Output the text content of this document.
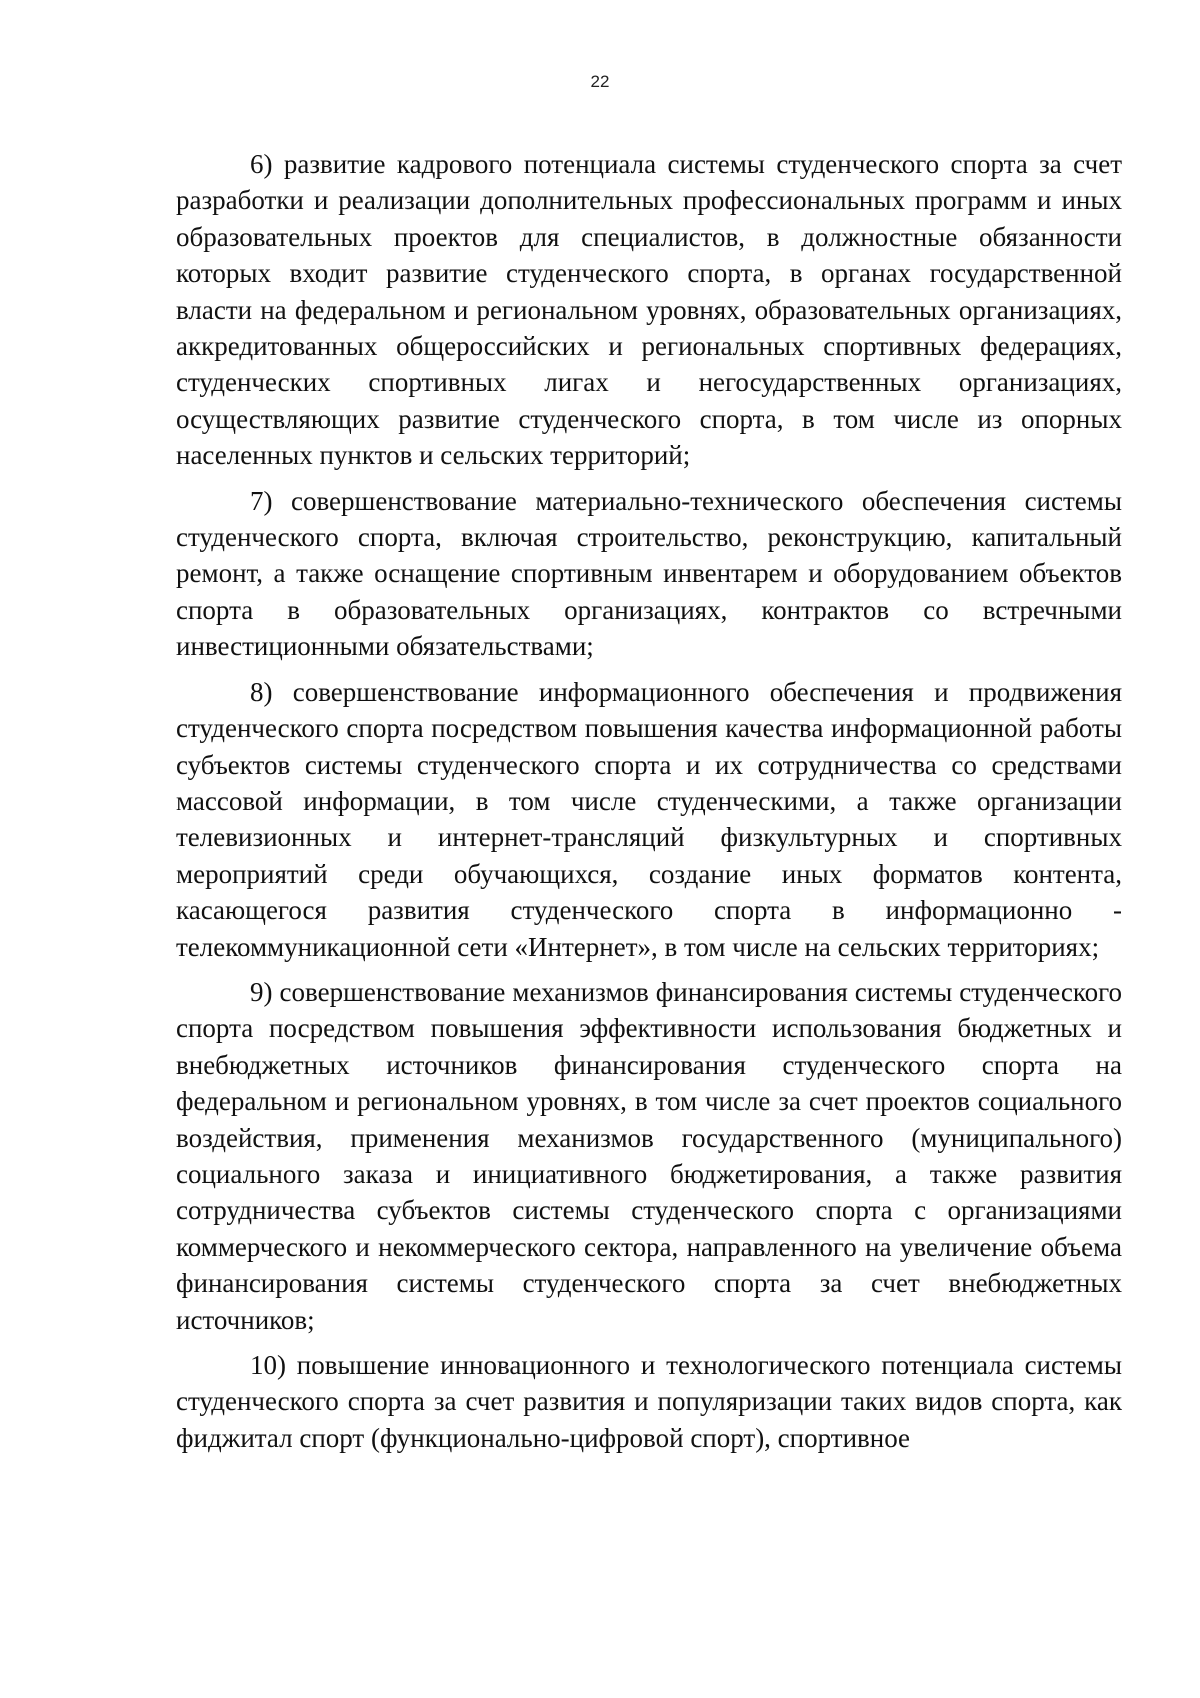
22

6) развитие кадрового потенциала системы студенческого спорта за счет разработки и реализации дополнительных профессиональных программ и иных образовательных проектов для специалистов, в должностные обязанности которых входит развитие студенческого спорта, в органах государственной власти на федеральном и региональном уровнях, образовательных организациях, аккредитованных общероссийских и региональных спортивных федерациях, студенческих спортивных лигах и негосударственных организациях, осуществляющих развитие студенческого спорта, в том числе из опорных населенных пунктов и сельских территорий;

7) совершенствование материально-технического обеспечения системы студенческого спорта, включая строительство, реконструкцию, капитальный ремонт, а также оснащение спортивным инвентарем и оборудованием объектов спорта в образовательных организациях, контрактов со встречными инвестиционными обязательствами;

8) совершенствование информационного обеспечения и продвижения студенческого спорта посредством повышения качества информационной работы субъектов системы студенческого спорта и их сотрудничества со средствами массовой информации, в том числе студенческими, а также организации телевизионных и интернет-трансляций физкультурных и спортивных мероприятий среди обучающихся, создание иных форматов контента, касающегося развития студенческого спорта в информационно - телекоммуникационной сети «Интернет», в том числе на сельских территориях;

9) совершенствование механизмов финансирования системы студенческого спорта посредством повышения эффективности использования бюджетных и внебюджетных источников финансирования студенческого спорта на федеральном и региональном уровнях, в том числе за счет проектов социального воздействия, применения механизмов государственного (муниципального) социального заказа и инициативного бюджетирования, а также развития сотрудничества субъектов системы студенческого спорта с организациями коммерческого и некоммерческого сектора, направленного на увеличение объема финансирования системы студенческого спорта за счет внебюджетных источников;

10) повышение инновационного и технологического потенциала системы студенческого спорта за счет развития и популяризации таких видов спорта, как фиджитал спорт (функционально-цифровой спорт), спортивное
